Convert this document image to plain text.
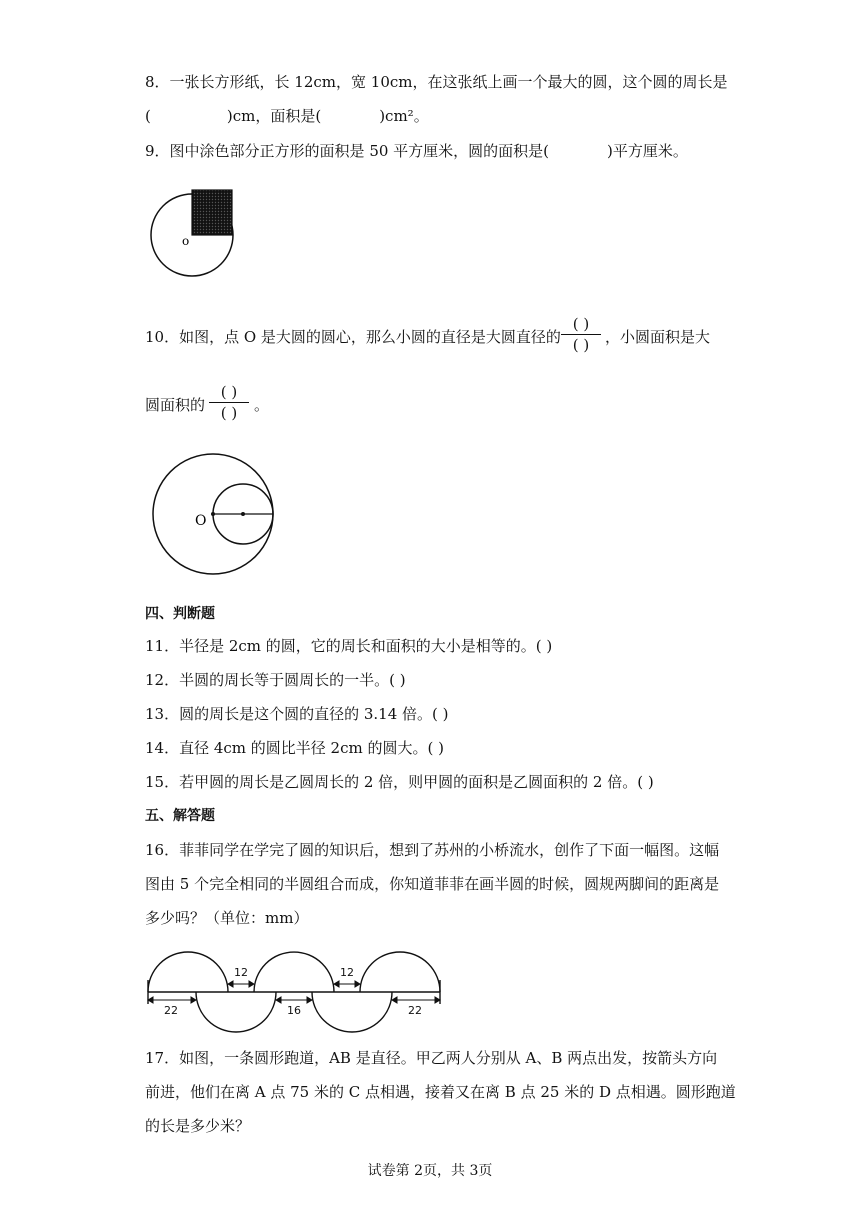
8．一张长方形纸，长 12cm，宽 10cm，在这张纸上画一个最大的圆，这个圆的周长是
(	)cm，面积是(	)cm²。
9．图中涂色部分正方形的面积是 50 平方厘米，圆的面积是(	)平方厘米。
o
10．如图，点 O 是大圆的圆心，那么小圆的直径是大圆直径的
( )
( )	，小圆面积是大
圆面积的
( )
( )	。
O
四、判断题
11．半径是 2cm 的圆，它的周长和面积的大小是相等的。( )
12．半圆的周长等于圆周长的一半。( )
13．圆的周长是这个圆的直径的 3.14 倍。( )
14．直径 4cm 的圆比半径 2cm 的圆大。( )
15．若甲圆的周长是乙圆周长的 2 倍，则甲圆的面积是乙圆面积的 2 倍。( )
五、解答题
16．菲菲同学在学完了圆的知识后，想到了苏州的小桥流水，创作了下面一幅图。这幅
图由 5 个完全相同的半圆组合而成，你知道菲菲在画半圆的时候，圆规两脚间的距离是
多少吗？（单位：mm）
12	12
22	16	22
17．如图，一条圆形跑道，AB 是直径。甲乙两人分别从 A、B 两点出发，按箭头方向
前进，他们在离 A 点 75 米的 C 点相遇，接着又在离 B 点 25 米的 D 点相遇。圆形跑道
的长是多少米？
试卷第 2页，共 3页
